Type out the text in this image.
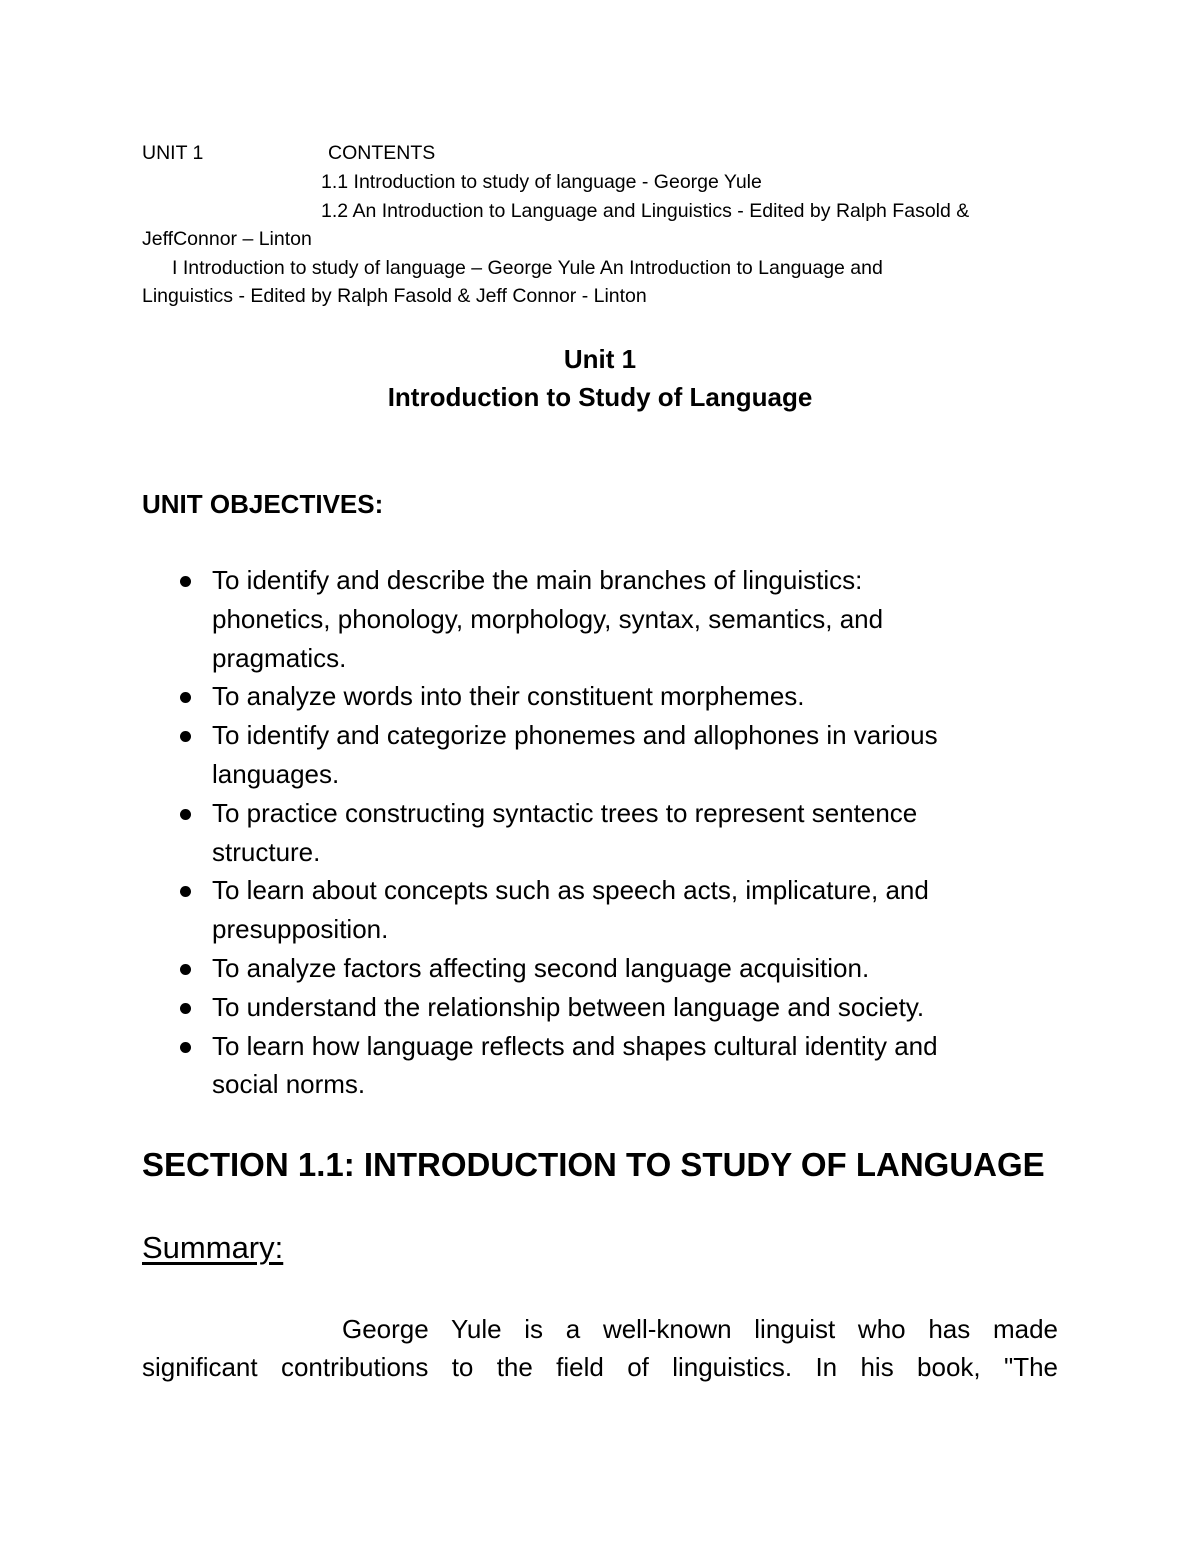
UNIT 1	CONTENTS
1.1 Introduction to study of language - George Yule
1.2 An Introduction to Language and Linguistics - Edited by Ralph Fasold &
JeffConnor – Linton
I Introduction to study of language – George Yule An Introduction to Language and
Linguistics - Edited by Ralph Fasold & Jeff Connor - Linton
Unit 1
Introduction to Study of Language
UNIT OBJECTIVES:
To identify and describe the main branches of linguistics:
phonetics, phonology, morphology, syntax, semantics, and
pragmatics.
To analyze words into their constituent morphemes.
To identify and categorize phonemes and allophones in various
languages.
To practice constructing syntactic trees to represent sentence
structure.
To learn about concepts such as speech acts, implicature, and
presupposition.
To analyze factors affecting second language acquisition.
To understand the relationship between language and society.
To learn how language reflects and shapes cultural identity and
social norms.
SECTION 1.1: INTRODUCTION TO STUDY OF LANGUAGE
Summary:
George Yule is a well-known linguist who has made
significant contributions to the field of linguistics. In his book, "The
